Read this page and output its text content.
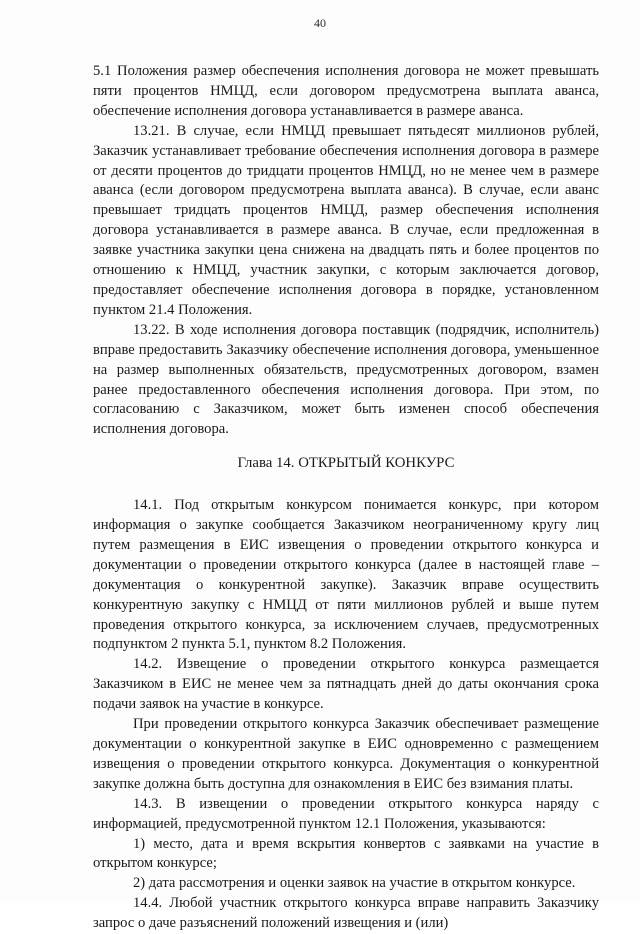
40

5.1 Положения размер обеспечения исполнения договора не может превышать пяти процентов НМЦД, если договором предусмотрена выплата аванса, обеспечение исполнения договора устанавливается в размере аванса.

13.21. В случае, если НМЦД превышает пятьдесят миллионов рублей, Заказчик устанавливает требование обеспечения исполнения договора в размере от десяти процентов до тридцати процентов НМЦД, но не менее чем в размере аванса (если договором предусмотрена выплата аванса). В случае, если аванс превышает тридцать процентов НМЦД, размер обеспечения исполнения договора устанавливается в размере аванса. В случае, если предложенная в заявке участника закупки цена снижена на двадцать пять и более процентов по отношению к НМЦД, участник закупки, с которым заключается договор, предоставляет обеспечение исполнения договора в порядке, установленном пунктом 21.4 Положения.

13.22. В ходе исполнения договора поставщик (подрядчик, исполнитель) вправе предоставить Заказчику обеспечение исполнения договора, уменьшенное на размер выполненных обязательств, предусмотренных договором, взамен ранее предоставленного обеспечения исполнения договора. При этом, по согласованию с Заказчиком, может быть изменен способ обеспечения исполнения договора.

Глава 14. ОТКРЫТЫЙ КОНКУРС

14.1. Под открытым конкурсом понимается конкурс, при котором информация о закупке сообщается Заказчиком неограниченному кругу лиц путем размещения в ЕИС извещения о проведении открытого конкурса и документации о проведении открытого конкурса (далее в настоящей главе – документация о конкурентной закупке). Заказчик вправе осуществить конкурентную закупку с НМЦД от пяти миллионов рублей и выше путем проведения открытого конкурса, за исключением случаев, предусмотренных подпунктом 2 пункта 5.1, пунктом 8.2 Положения.

14.2. Извещение о проведении открытого конкурса размещается Заказчиком в ЕИС не менее чем за пятнадцать дней до даты окончания срока подачи заявок на участие в конкурсе.

При проведении открытого конкурса Заказчик обеспечивает размещение документации о конкурентной закупке в ЕИС одновременно с размещением извещения о проведении открытого конкурса. Документация о конкурентной закупке должна быть доступна для ознакомления в ЕИС без взимания платы.

14.3. В извещении о проведении открытого конкурса наряду с информацией, предусмотренной пунктом 12.1 Положения, указываются:

1) место, дата и время вскрытия конвертов с заявками на участие в открытом конкурсе;

2) дата рассмотрения и оценки заявок на участие в открытом конкурсе.

14.4. Любой участник открытого конкурса вправе направить Заказчику запрос о даче разъяснений положений извещения и (или)
